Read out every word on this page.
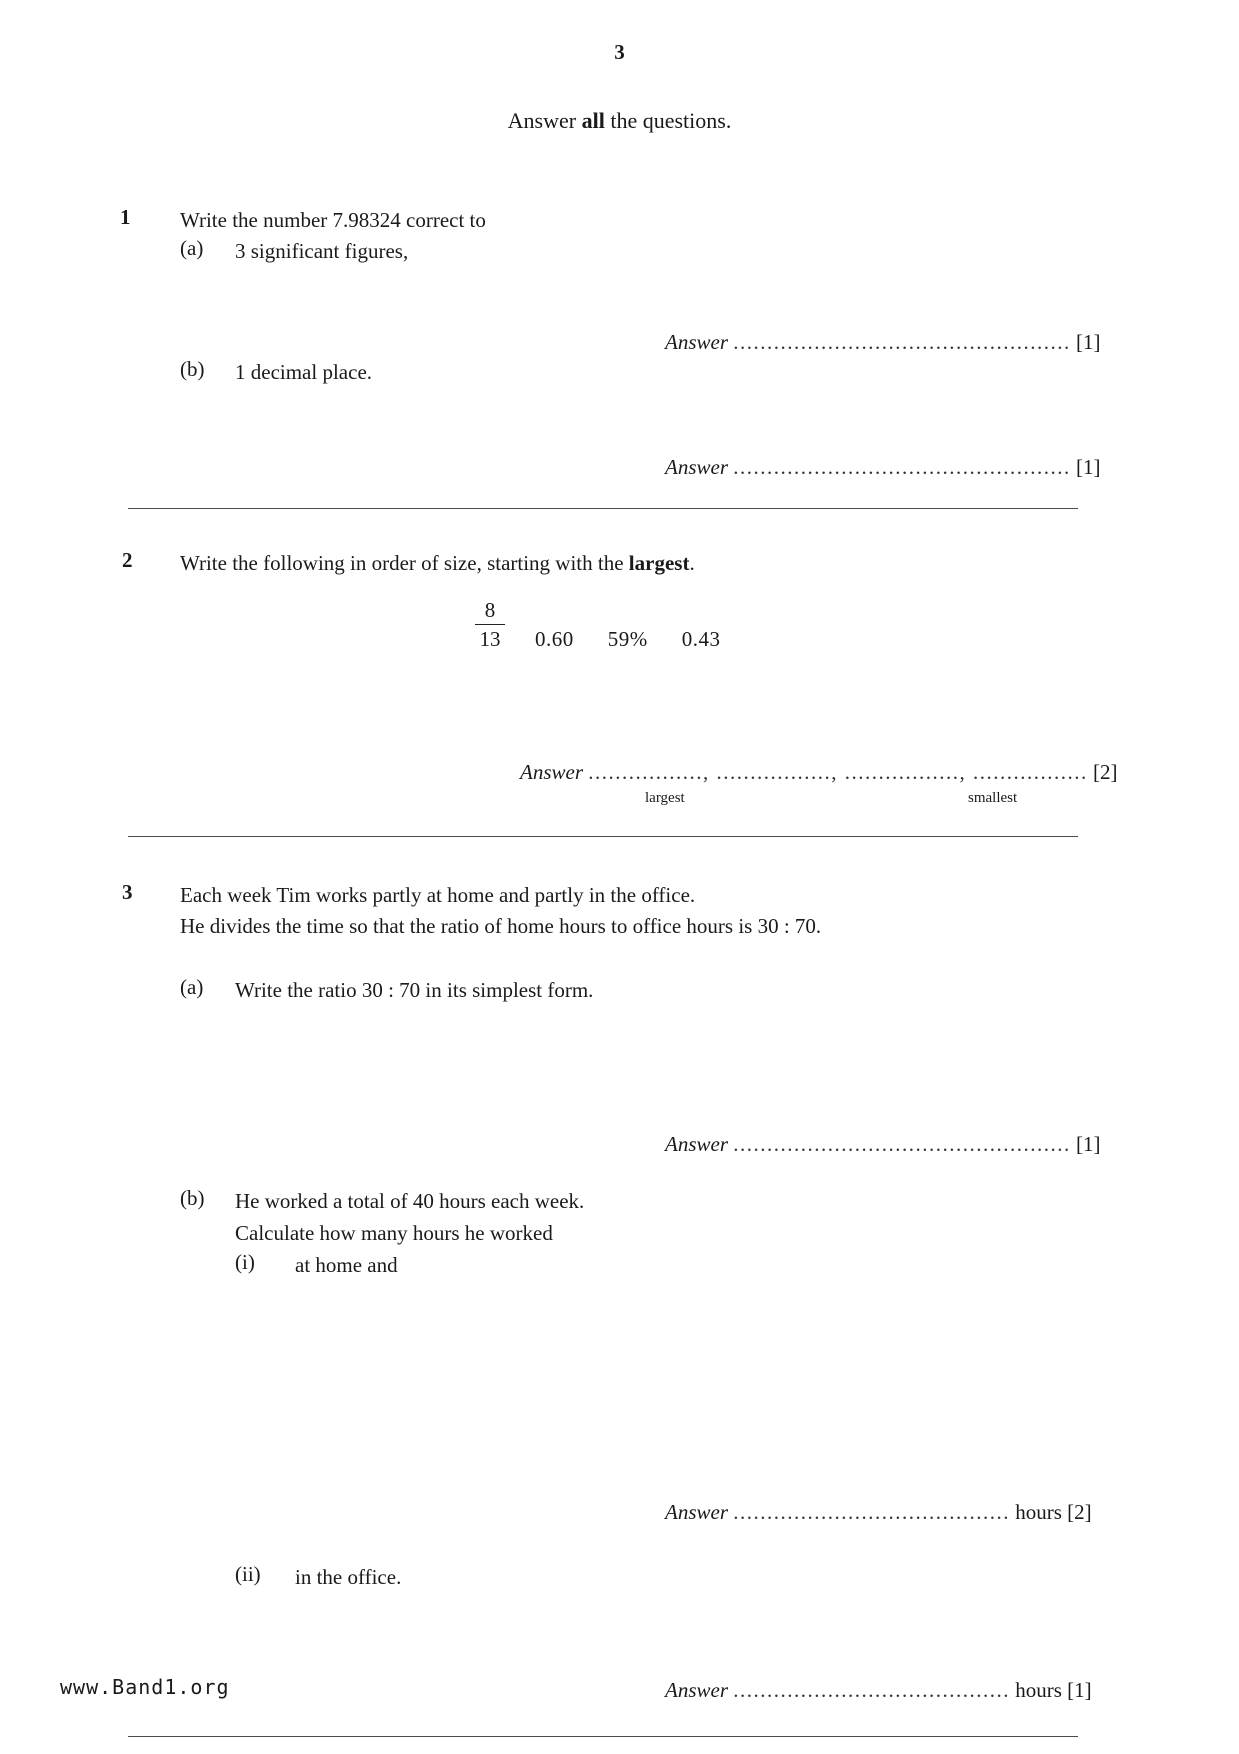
3
Answer all the questions.
1 Write the number 7.98324 correct to
(a) 3 significant figures,
Answer .................................................. [1]
(b) 1 decimal place.
Answer .................................................. [1]
2 Write the following in order of size, starting with the largest.
8
13	0.60 59% 0.43
Answer ................., ................., ................., ................. [2]
largest	smallest
3 Each week Tim works partly at home and partly in the office.
He divides the time so that the ratio of home hours to office hours is 30 : 70.
(a) Write the ratio 30 : 70 in its simplest form.
Answer .................................................. [1]
(b) He worked a total of 40 hours each week.
Calculate how many hours he worked
(i) at home and
Answer ......................................... hours [2]
(ii) in the office.
Answer ......................................... hours [1]
www.Band1.org
